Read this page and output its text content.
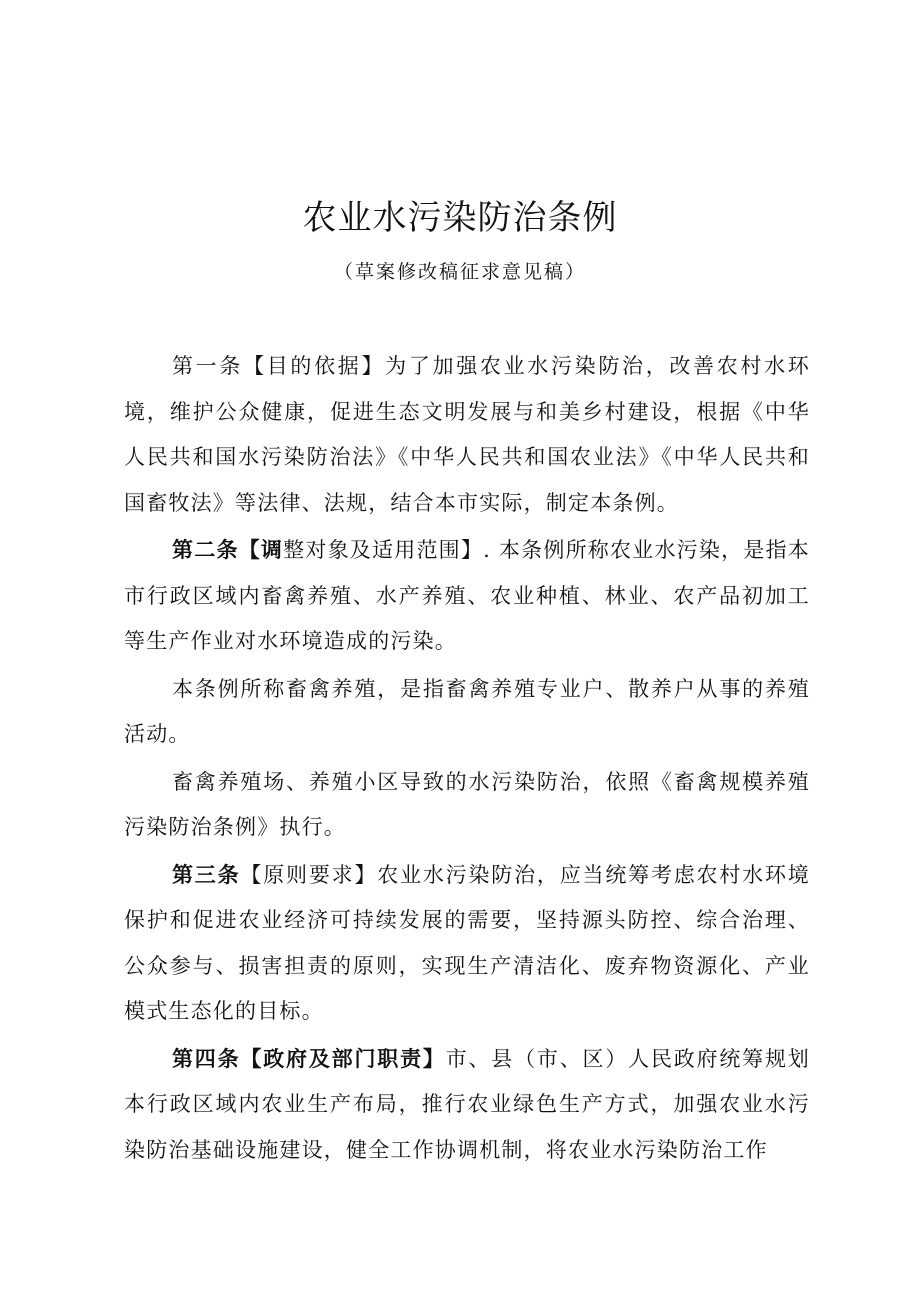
农业水污染防治条例
（草案修改稿征求意见稿）

第一条【目的依据】为了加强农业水污染防治，改善农村水环境，维护公众健康，促进生态文明发展与和美乡村建设，根据《中华人民共和国水污染防治法》《中华人民共和国农业法》《中华人民共和国畜牧法》等法律、法规，结合本市实际，制定本条例。

第二条【调整对象及适用范围】. 本条例所称农业水污染，是指本市行政区域内畜禽养殖、水产养殖、农业种植、林业、农产品初加工等生产作业对水环境造成的污染。

本条例所称畜禽养殖，是指畜禽养殖专业户、散养户从事的养殖活动。

畜禽养殖场、养殖小区导致的水污染防治，依照《畜禽规模养殖污染防治条例》执行。

第三条【原则要求】农业水污染防治，应当统筹考虑农村水环境保护和促进农业经济可持续发展的需要，坚持源头防控、综合治理、公众参与、损害担责的原则，实现生产清洁化、废弃物资源化、产业模式生态化的目标。

第四条【政府及部门职责】市、县（市、区）人民政府统筹规划本行政区域内农业生产布局，推行农业绿色生产方式，加强农业水污染防治基础设施建设，健全工作协调机制，将农业水污染防治工作
